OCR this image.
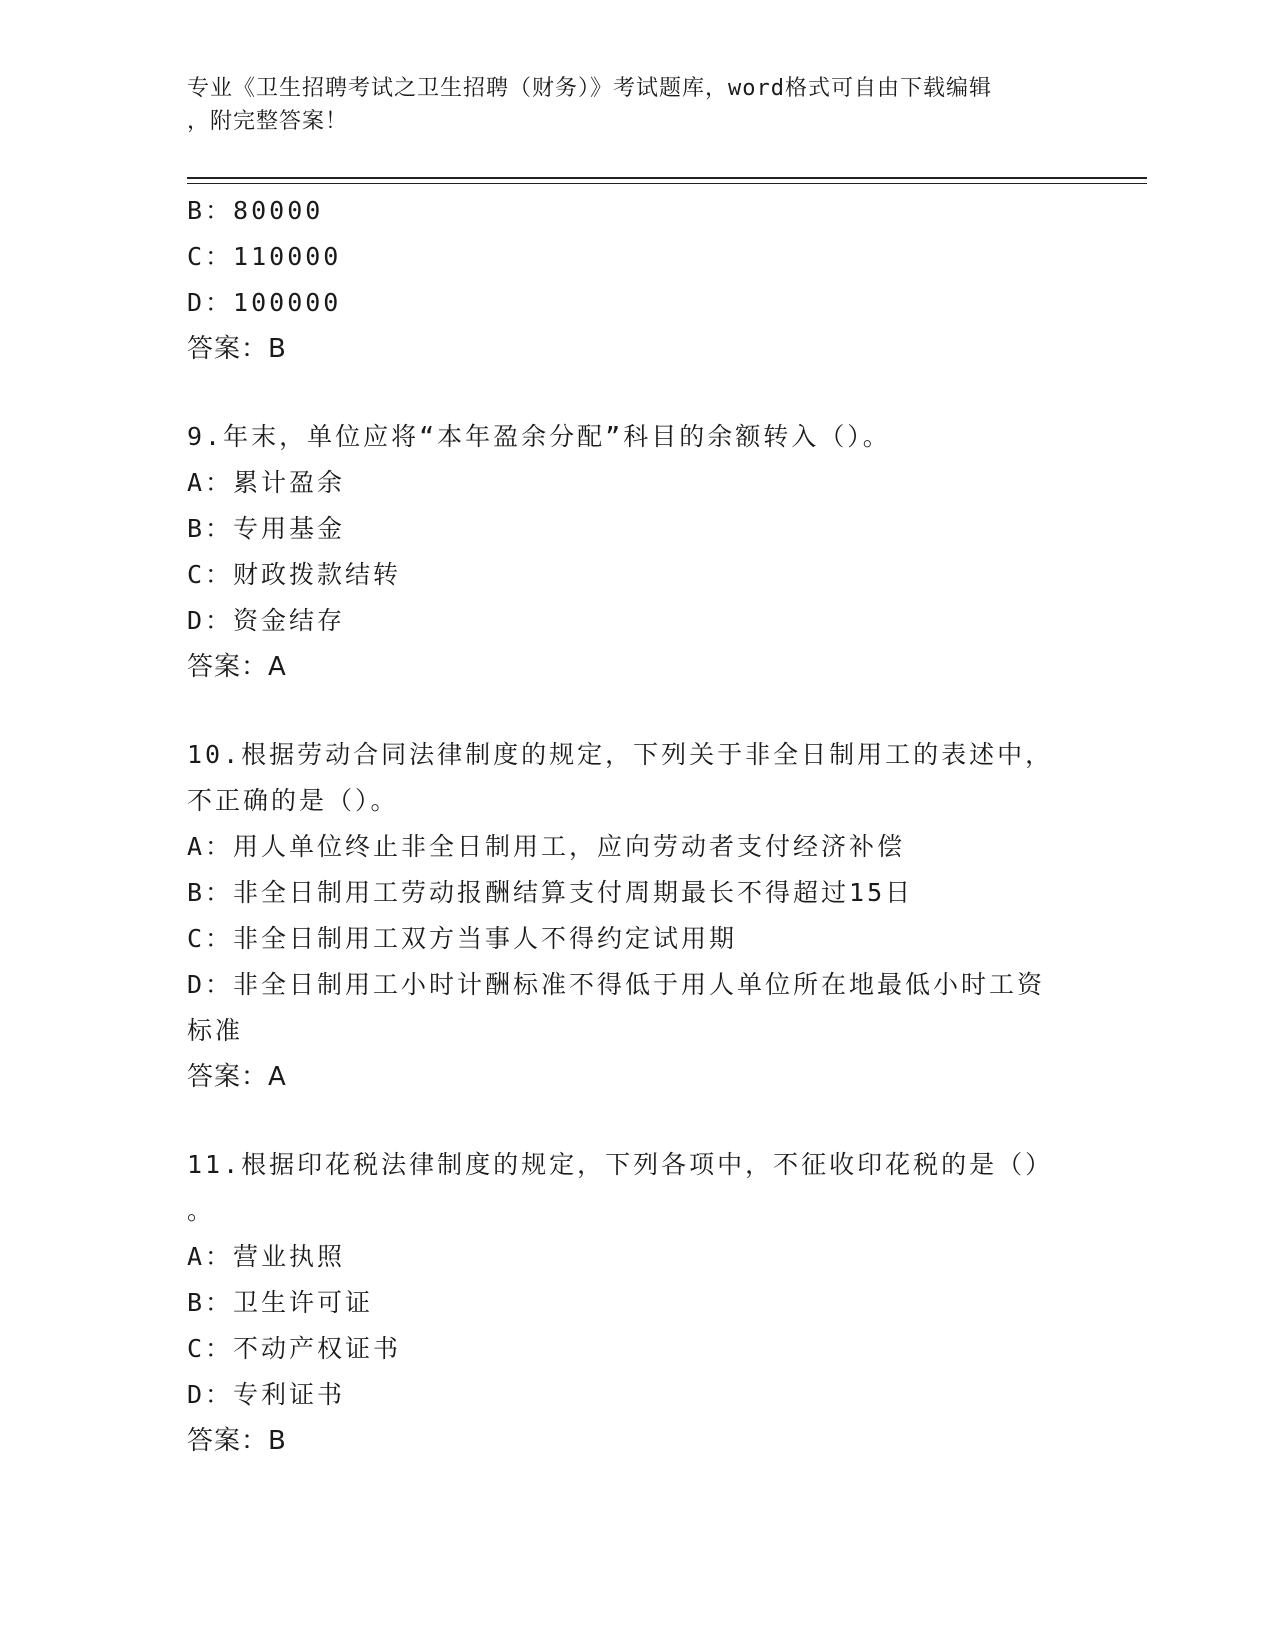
专业《卫生招聘考试之卫生招聘（财务）》考试题库，word格式可自由下载编辑
，附完整答案！
B：80000
C：110000
D：100000
答案：B
9.年末，单位应将“本年盈余分配”科目的余额转入（）。
A：累计盈余
B：专用基金
C：财政拨款结转
D：资金结存
答案：A
10.根据劳动合同法律制度的规定，下列关于非全日制用工的表述中，
不正确的是（）。
A：用人单位终止非全日制用工，应向劳动者支付经济补偿
B：非全日制用工劳动报酬结算支付周期最长不得超过15日
C：非全日制用工双方当事人不得约定试用期
D：非全日制用工小时计酬标准不得低于用人单位所在地最低小时工资
标准
答案：A
11.根据印花税法律制度的规定，下列各项中，不征收印花税的是（）
。
A：营业执照
B：卫生许可证
C：不动产权证书
D：专利证书
答案：B
